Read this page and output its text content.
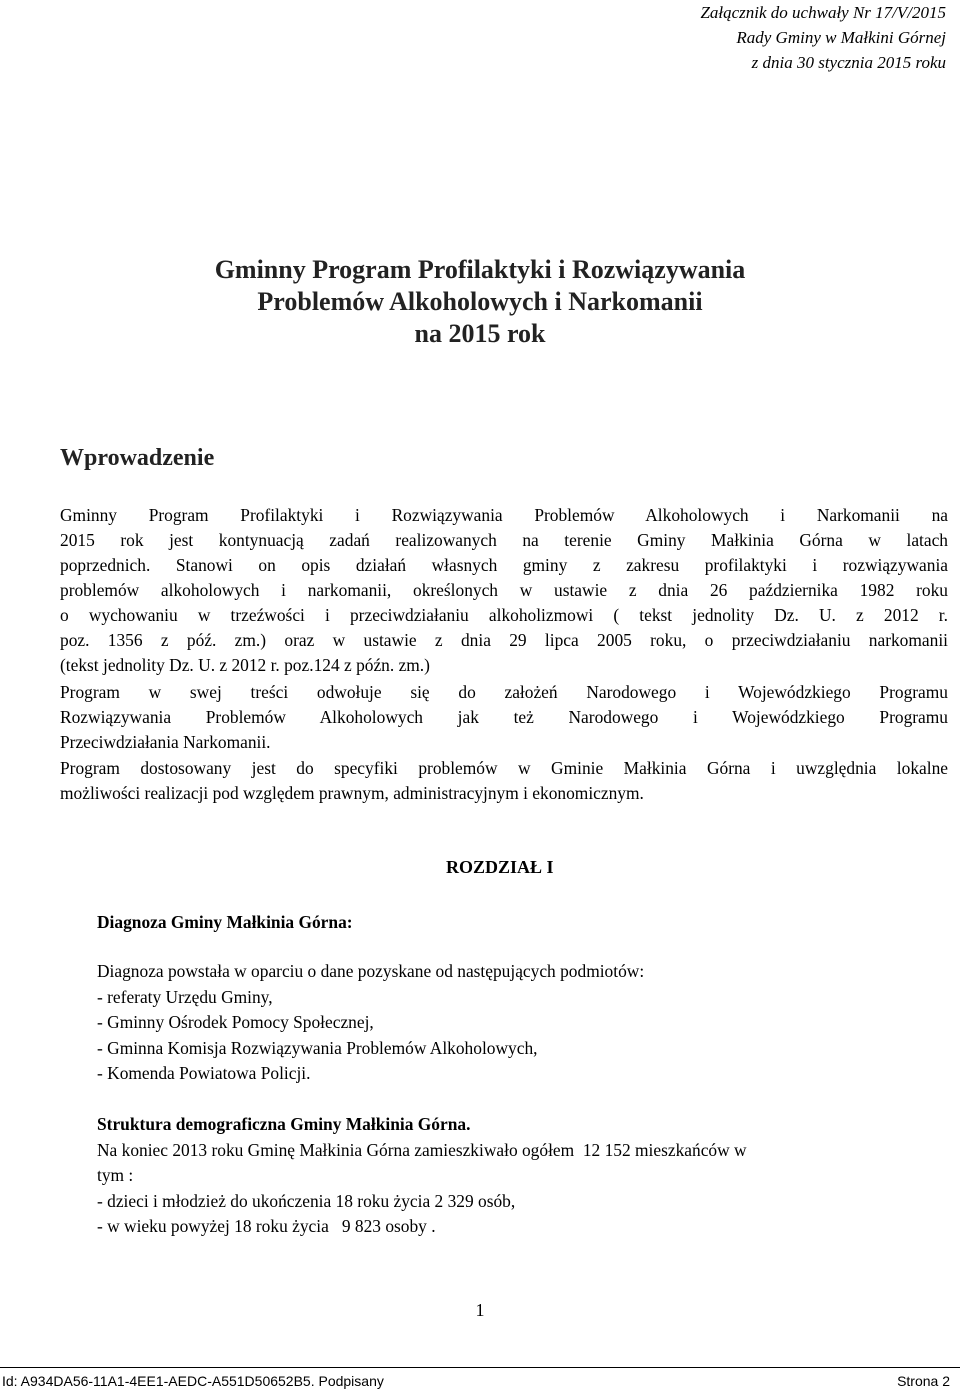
Załącznik do uchwały Nr 17/V/2015
Rady Gminy w Małkini Górnej
z dnia 30 stycznia 2015 roku
Gminny Program Profilaktyki i Rozwiązywania
Problemów Alkoholowych i Narkomanii
na 2015 rok
Wprowadzenie
Gminny Program Profilaktyki i Rozwiązywania Problemów Alkoholowych i Narkomanii na
2015 rok jest kontynuacją zadań realizowanych na terenie Gminy Małkinia Górna w latach
poprzednich. Stanowi on opis działań własnych gminy z zakresu profilaktyki i rozwiązywania
problemów alkoholowych i narkomanii, określonych w ustawie z dnia 26 października 1982 roku
o wychowaniu w trzeźwości i przeciwdziałaniu alkoholizmowi ( tekst jednolity Dz. U. z 2012 r.
poz. 1356 z póź. zm.) oraz w ustawie z dnia 29 lipca 2005 roku, o przeciwdziałaniu narkomanii
(tekst jednolity Dz. U. z 2012 r. poz.124 z późn. zm.)
Program w swej treści odwołuje się do założeń Narodowego i Wojewódzkiego Programu
Rozwiązywania Problemów Alkoholowych jak też Narodowego i Wojewódzkiego Programu
Przeciwdziałania Narkomanii.
Program dostosowany jest do specyfiki problemów w Gminie Małkinia Górna i uwzględnia lokalne
możliwości realizacji pod względem prawnym, administracyjnym i ekonomicznym.
ROZDZIAŁ I
Diagnoza Gminy Małkinia Górna:
Diagnoza powstała w oparciu o dane pozyskane od następujących podmiotów:
- referaty Urzędu Gminy,
- Gminny Ośrodek Pomocy Społecznej,
- Gminna Komisja Rozwiązywania Problemów Alkoholowych,
- Komenda Powiatowa Policji.
Struktura demograficzna Gminy Małkinia Górna.
Na koniec 2013 roku Gminę Małkinia Górna zamieszkiwało ogółem  12 152 mieszkańców w
tym :
- dzieci i młodzież do ukończenia 18 roku życia 2 329 osób,
- w wieku powyżej 18 roku życia   9 823 osoby .
1
Id: A934DA56-11A1-4EE1-AEDC-A551D50652B5. Podpisany	Strona 2
